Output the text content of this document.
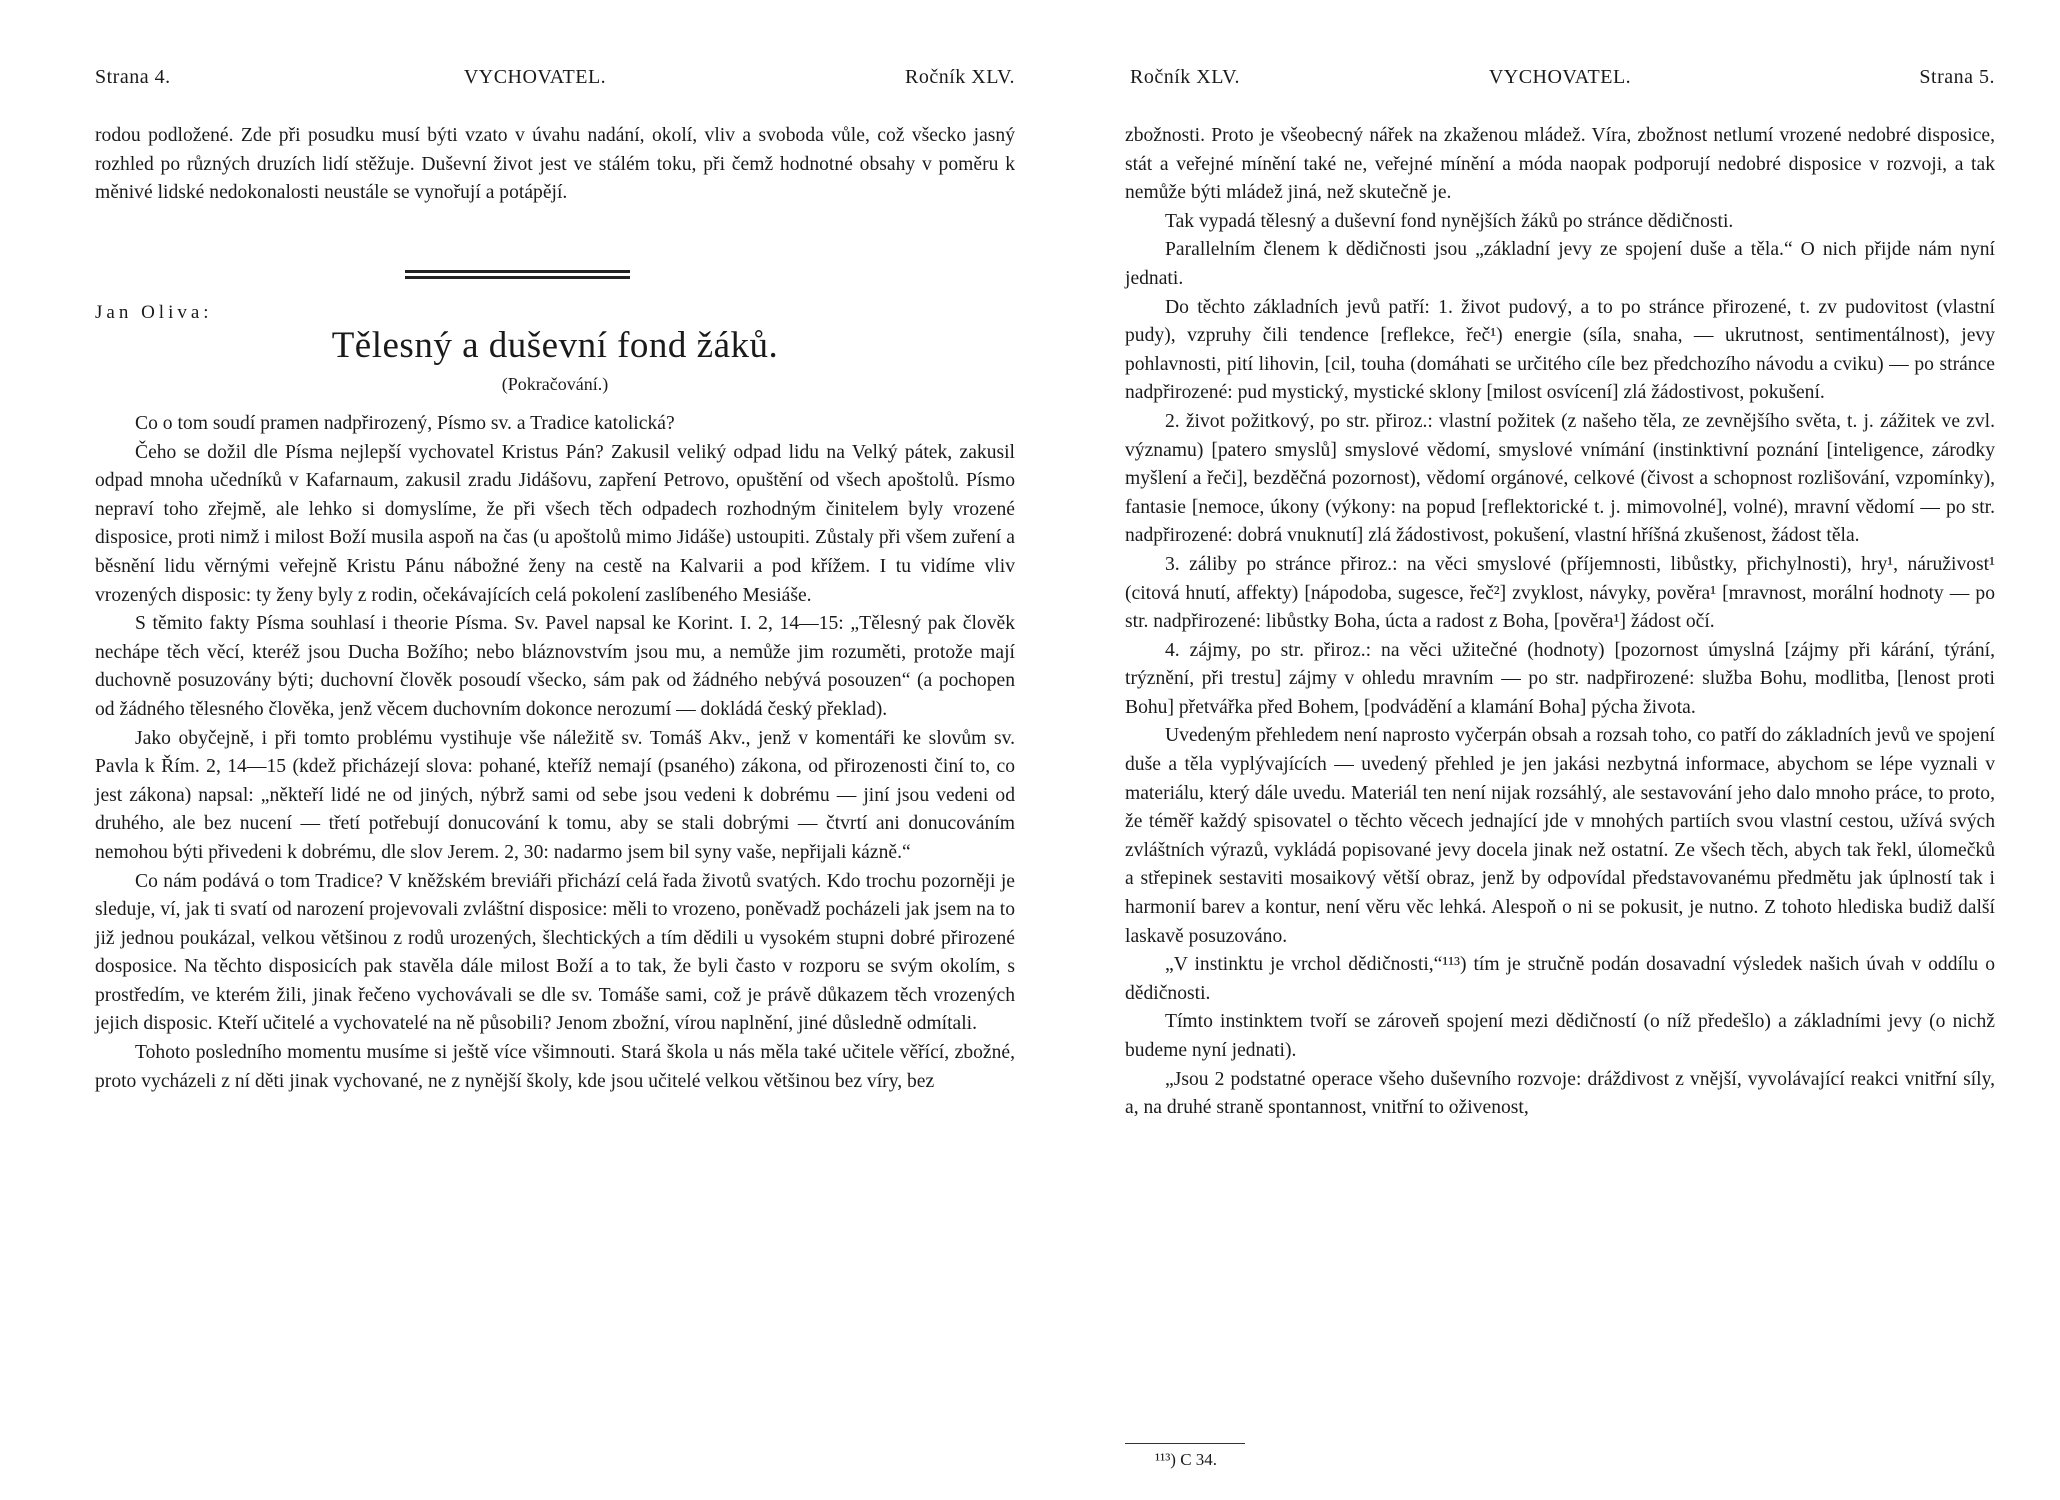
Strana 4.	VYCHOVATEL.	Ročník XLV.

rodou podložené. Zde při posudku musí býti vzato v úvahu nadání, okolí, vliv a svoboda vůle, což všecko jasný rozhled po různých druzích lidí stěžuje. Duševní život jest ve stálém toku, při čemž hodnotné obsahy v poměru k měnivé lidské nedokonalosti neustále se vynořují a potápějí.

Jan Oliva:
Tělesný a duševní fond žáků.
(Pokračování.)

Co o tom soudí pramen nadpřirozený, Písmo sv. a Tradice katolická?

Čeho se dožil dle Písma nejlepší vychovatel Kristus Pán? Zakusil veliký odpad lidu na Velký pátek, zakusil odpad mnoha učedníků v Kafarnaum, zakusil zradu Jidášovu, zapření Petrovo, opuštění od všech apoštolů. Písmo nepraví toho zřejmě, ale lehko si domyslíme, že při všech těch odpadech rozhodným činitelem byly vrozené disposice, proti nimž i milost Boží musila aspoň na čas (u apoštolů mimo Jidáše) ustoupiti. Zůstaly při všem zuření a běsnění lidu věrnými veřejně Kristu Pánu nábožné ženy na cestě na Kalvarii a pod křížem. I tu vidíme vliv vrozených disposic: ty ženy byly z rodin, očekávajících celá pokolení zaslíbeného Mesiáše.

S těmito fakty Písma souhlasí i theorie Písma. Sv. Pavel napsal ke Korint. I. 2, 14—15: „Tělesný pak člověk nechápe těch věcí, kteréž jsou Ducha Božího; nebo bláznovstvím jsou mu, a nemůže jim rozuměti, protože mají duchovně posuzovány býti; duchovní člověk posoudí všecko, sám pak od žádného nebývá posouzen“ (a pochopen od žádného tělesného člověka, jenž věcem duchovním dokonce nerozumí — dokládá český překlad).

Jako obyčejně, i při tomto problému vystihuje vše náležitě sv. Tomáš Akv., jenž v komentáři ke slovům sv. Pavla k Řím. 2, 14—15 (kdež přicházejí slova: pohané, kteříž nemají (psaného) zákona, od přirozenosti činí to, co jest zákona) napsal: „někteří lidé ne od jiných, nýbrž sami od sebe jsou vedeni k dobrému — jiní jsou vedeni od druhého, ale bez nucení — třetí potřebují donucování k tomu, aby se stali dobrými — čtvrtí ani donucováním nemohou býti přivedeni k dobrému, dle slov Jerem. 2, 30: nadarmo jsem bil syny vaše, nepřijali kázně.“

Co nám podává o tom Tradice? V kněžském breviáři přichází celá řada životů svatých. Kdo trochu pozorněji je sleduje, ví, jak ti svatí od narození projevovali zvláštní disposice: měli to vrozeno, poněvadž pocházeli jak jsem na to již jednou poukázal, velkou většinou z rodů urozených, šlechtických a tím dědili u vysokém stupni dobré přirozené dosposice. Na těchto disposicích pak stavěla dále milost Boží a to tak, že byli často v rozporu se svým okolím, s prostředím, ve kterém žili, jinak řečeno vychovávali se dle sv. Tomáše sami, což je právě důkazem těch vrozených jejich disposic. Kteří učitelé a vychovatelé na ně působili? Jenom zbožní, vírou naplnění, jiné důsledně odmítali.

Tohoto posledního momentu musíme si ještě více všimnouti. Stará škola u nás měla také učitele věřící, zbožné, proto vycházeli z ní děti jinak vychované, ne z nynější školy, kde jsou učitelé velkou většinou bez víry, bez

Ročník XLV.	VYCHOVATEL.	Strana 5.

zbožnosti. Proto je všeobecný nářek na zkaženou mládež. Víra, zbožnost netlumí vrozené nedobré disposice, stát a veřejné mínění také ne, veřejné mínění a móda naopak podporují nedobré disposice v rozvoji, a tak nemůže býti mládež jiná, než skutečně je.

Tak vypadá tělesný a duševní fond nynějších žáků po stránce dědičnosti.

Parallelním členem k dědičnosti jsou „základní jevy ze spojení duše a těla.“ O nich přijde nám nyní jednati.

Do těchto základních jevů patří: 1. život pudový, a to po stránce přirozené, t. zv pudovitost (vlastní pudy), vzpruhy čili tendence [reflekce, řeč¹) energie (síla, snaha, — ukrutnost, sentimentálnost), jevy pohlavnosti, pití lihovin, [cil, touha (domáhati se určitého cíle bez předchozího návodu a cviku) — po stránce nadpřirozené: pud mystický, mystické sklony [milost osvícení] zlá žádostivost, pokušení.

2. život požitkový, po str. přiroz.: vlastní požitek (z našeho těla, ze zevnějšího světa, t. j. zážitek ve zvl. významu) [patero smyslů] smyslové vědomí, smyslové vnímání (instinktivní poznání [inteligence, zárodky myšlení a řeči], bezděčná pozornost), vědomí orgánové, celkové (čivost a schopnost rozlišování, vzpomínky), fantasie [nemoce, úkony (výkony: na popud [reflektorické t. j. mimovolné], volné), mravní vědomí — po str. nadpřirozené: dobrá vnuknutí] zlá žádostivost, pokušení, vlastní hříšná zkušenost, žádost těla.

3. záliby po stránce přiroz.: na věci smyslové (příjemnosti, libůstky, přichylnosti), hry¹, náruživost¹ (citová hnutí, affekty) [nápodoba, sugesce, řeč²] zvyklost, návyky, pověra¹ [mravnost, morální hodnoty — po str. nadpřirozené: libůstky Boha, úcta a radost z Boha, [pověra¹] žádost očí.

4. zájmy, po str. přiroz.: na věci užitečné (hodnoty) [pozornost úmyslná [zájmy při kárání, týrání, trýznění, při trestu] zájmy v ohledu mravním — po str. nadpřirozené: služba Bohu, modlitba, [lenost proti Bohu] přetvářka před Bohem, [podvádění a klamání Boha] pýcha života.

Uvedeným přehledem není naprosto vyčerpán obsah a rozsah toho, co patří do základních jevů ve spojení duše a těla vyplývajících — uvedený přehled je jen jakási nezbytná informace, abychom se lépe vyznali v materiálu, který dále uvedu. Materiál ten není nijak rozsáhlý, ale sestavování jeho dalo mnoho práce, to proto, že téměř každý spisovatel o těchto věcech jednající jde v mnohých partiích svou vlastní cestou, užívá svých zvláštních výrazů, vykládá popisované jevy docela jinak než ostatní. Ze všech těch, abych tak řekl, úlomečků a střepinek sestaviti mosaikový větší obraz, jenž by odpovídal představovanému předmětu jak úplností tak i harmonií barev a kontur, není věru věc lehká. Alespoň o ni se pokusit, je nutno. Z tohoto hlediska budiž další laskavě posuzováno.

„V instinktu je vrchol dědičnosti,“¹¹³) tím je stručně podán dosavadní výsledek našich úvah v oddílu o dědičnosti.

Tímto instinktem tvoří se zároveň spojení mezi dědičností (o níž předešlo) a základními jevy (o nichž budeme nyní jednati).

„Jsou 2 podstatné operace všeho duševního rozvoje: dráždivost z vnější, vyvolávající reakci vnitřní síly, a, na druhé straně spontannost, vnitřní to oživenost,

¹¹³) C 34.
